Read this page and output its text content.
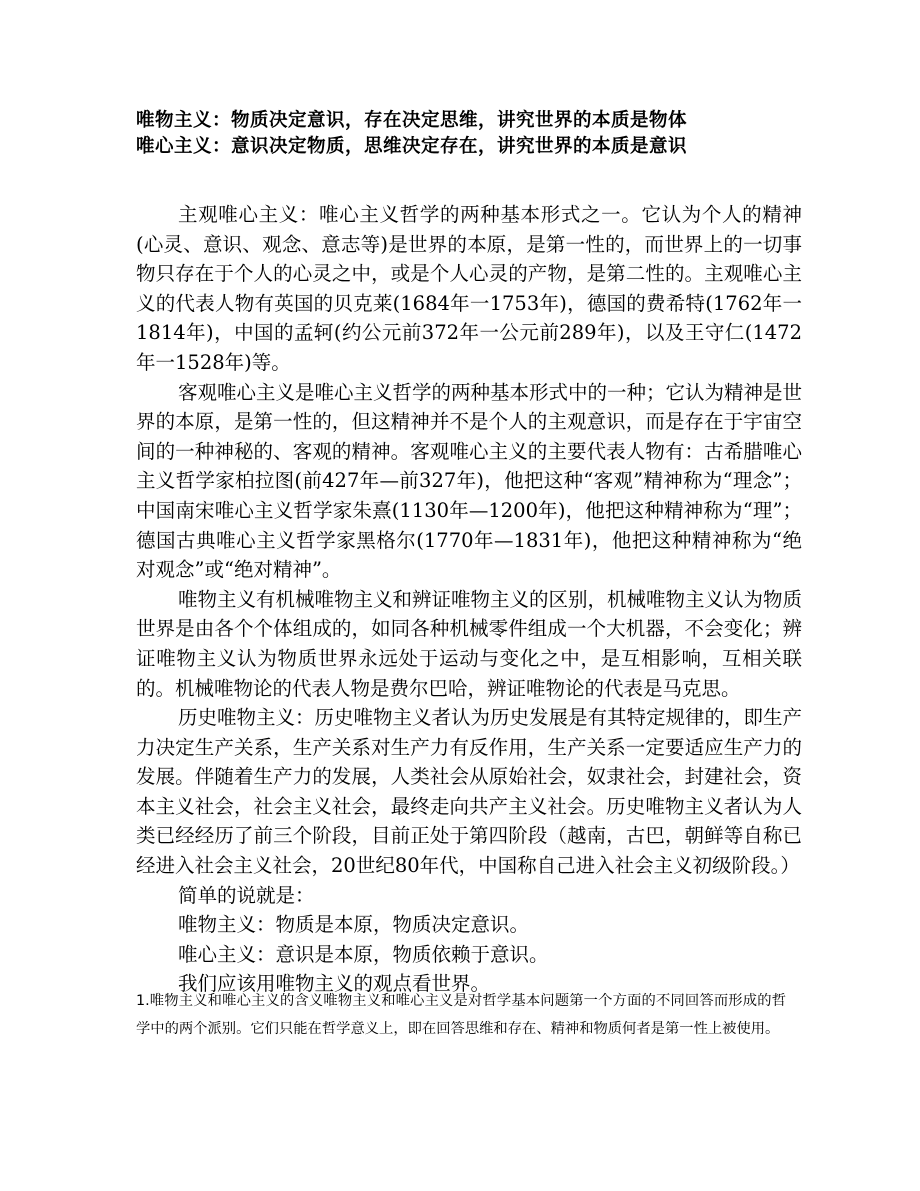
唯物主义：物质决定意识，存在决定思维，讲究世界的本质是物体
唯心主义：意识决定物质，思维决定存在，讲究世界的本质是意识

主观唯心主义：唯心主义哲学的两种基本形式之一。它认为个人的精神(心灵、意识、观念、意志等)是世界的本原，是第一性的，而世界上的一切事物只存在于个人的心灵之中，或是个人心灵的产物，是第二性的。主观唯心主义的代表人物有英国的贝克莱(1684年一1753年)，德国的费希特(1762年一1814年)，中国的孟轲(约公元前372年一公元前289年)，以及王守仁(1472年一1528年)等。

客观唯心主义是唯心主义哲学的两种基本形式中的一种；它认为精神是世界的本原，是第一性的，但这精神并不是个人的主观意识，而是存在于宇宙空间的一种神秘的、客观的精神。客观唯心主义的主要代表人物有：古希腊唯心主义哲学家柏拉图(前427年—前327年)，他把这种“客观”精神称为“理念”；中国南宋唯心主义哲学家朱熹(1130年—1200年)，他把这种精神称为“理”；德国古典唯心主义哲学家黑格尔(1770年—1831年)，他把这种精神称为“绝对观念”或“绝对精神”。

唯物主义有机械唯物主义和辨证唯物主义的区别，机械唯物主义认为物质世界是由各个个体组成的，如同各种机械零件组成一个大机器，不会变化；辨证唯物主义认为物质世界永远处于运动与变化之中，是互相影响，互相关联的。机械唯物论的代表人物是费尔巴哈，辨证唯物论的代表是马克思。

历史唯物主义：历史唯物主义者认为历史发展是有其特定规律的，即生产力决定生产关系，生产关系对生产力有反作用，生产关系一定要适应生产力的发展。伴随着生产力的发展，人类社会从原始社会，奴隶社会，封建社会，资本主义社会，社会主义社会，最终走向共产主义社会。历史唯物主义者认为人类已经经历了前三个阶段，目前正处于第四阶段（越南，古巴，朝鲜等自称已经进入社会主义社会，20世纪80年代，中国称自己进入社会主义初级阶段。）

简单的说就是：

唯物主义：物质是本原，物质决定意识。

唯心主义：意识是本原，物质依赖于意识。

我们应该用唯物主义的观点看世界。

1.唯物主义和唯心主义的含义唯物主义和唯心主义是对哲学基本问题第一个方面的不同回答而形成的哲学中的两个派别。它们只能在哲学意义上，即在回答思维和存在、精神和物质何者是第一性上被使用。
